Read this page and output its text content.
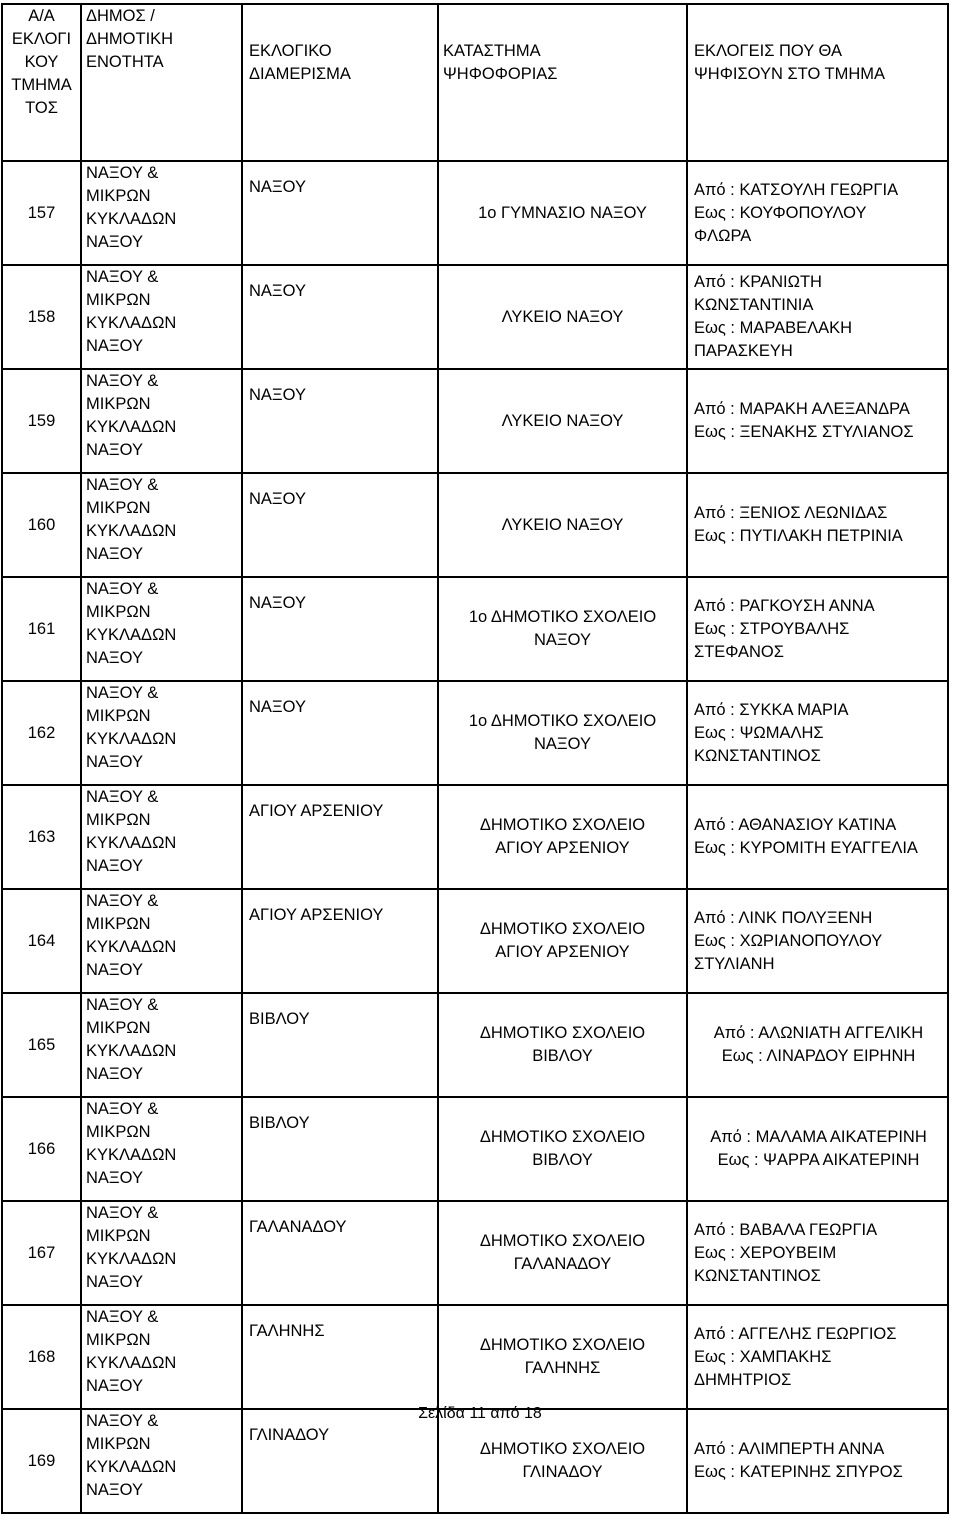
Α/Α
ΕΚΛΟΓΙ
ΚΟΥ
ΤΜΗΜΑ
ΤΟΣ	ΔΗΜΟΣ /
ΔΗΜΟΤΙΚΗ
ΕΝΟΤΗΤΑ	ΕΚΛΟΓΙΚΟ
ΔΙΑΜΕΡΙΣΜΑ	ΚΑΤΑΣΤΗΜΑ
ΨΗΦΟΦΟΡΙΑΣ	ΕΚΛΟΓΕΙΣ ΠΟΥ ΘΑ
ΨΗΦΙΣΟΥΝ ΣΤΟ ΤΜΗΜΑ

157	ΝΑΞΟΥ &
ΜΙΚΡΩΝ
ΚΥΚΛΑΔΩΝ
ΝΑΞΟΥ	ΝΑΞΟΥ	1ο ΓΥΜΝΑΣΙΟ ΝΑΞΟΥ	Από : ΚΑΤΣΟΥΛΗ ΓΕΩΡΓΙΑ
Εως : ΚΟΥΦΟΠΟΥΛΟΥ
ΦΛΩΡΑ

158	ΝΑΞΟΥ &
ΜΙΚΡΩΝ
ΚΥΚΛΑΔΩΝ
ΝΑΞΟΥ	ΝΑΞΟΥ	ΛΥΚΕΙΟ ΝΑΞΟΥ	Από : ΚΡΑΝΙΩΤΗ
ΚΩΝΣΤΑΝΤΙΝΙΑ
Εως : ΜΑΡΑΒΕΛΑΚΗ
ΠΑΡΑΣΚΕΥΗ

159	ΝΑΞΟΥ &
ΜΙΚΡΩΝ
ΚΥΚΛΑΔΩΝ
ΝΑΞΟΥ	ΝΑΞΟΥ	ΛΥΚΕΙΟ ΝΑΞΟΥ	Από : ΜΑΡΑΚΗ ΑΛΕΞΑΝΔΡΑ
Εως : ΞΕΝΑΚΗΣ ΣΤΥΛΙΑΝΟΣ

160	ΝΑΞΟΥ &
ΜΙΚΡΩΝ
ΚΥΚΛΑΔΩΝ
ΝΑΞΟΥ	ΝΑΞΟΥ	ΛΥΚΕΙΟ ΝΑΞΟΥ	Από : ΞΕΝΙΟΣ ΛΕΩΝΙΔΑΣ
Εως : ΠΥΤΙΛΑΚΗ ΠΕΤΡΙΝΙΑ

161	ΝΑΞΟΥ &
ΜΙΚΡΩΝ
ΚΥΚΛΑΔΩΝ
ΝΑΞΟΥ	ΝΑΞΟΥ	1ο ΔΗΜΟΤΙΚΟ ΣΧΟΛΕΙΟ
ΝΑΞΟΥ	Από : ΡΑΓΚΟΥΣΗ ΑΝΝΑ
Εως : ΣΤΡΟΥΒΑΛΗΣ
ΣΤΕΦΑΝΟΣ

162	ΝΑΞΟΥ &
ΜΙΚΡΩΝ
ΚΥΚΛΑΔΩΝ
ΝΑΞΟΥ	ΝΑΞΟΥ	1ο ΔΗΜΟΤΙΚΟ ΣΧΟΛΕΙΟ
ΝΑΞΟΥ	Από : ΣΥΚΚΑ ΜΑΡΙΑ
Εως : ΨΩΜΑΛΗΣ
ΚΩΝΣΤΑΝΤΙΝΟΣ

163	ΝΑΞΟΥ &
ΜΙΚΡΩΝ
ΚΥΚΛΑΔΩΝ
ΝΑΞΟΥ	ΑΓΙΟΥ ΑΡΣΕΝΙΟΥ	ΔΗΜΟΤΙΚΟ ΣΧΟΛΕΙΟ
ΑΓΙΟΥ ΑΡΣΕΝΙΟΥ	Από : ΑΘΑΝΑΣΙΟΥ ΚΑΤΙΝΑ
Εως : ΚΥΡΟΜΙΤΗ ΕΥΑΓΓΕΛΙΑ

164	ΝΑΞΟΥ &
ΜΙΚΡΩΝ
ΚΥΚΛΑΔΩΝ
ΝΑΞΟΥ	ΑΓΙΟΥ ΑΡΣΕΝΙΟΥ	ΔΗΜΟΤΙΚΟ ΣΧΟΛΕΙΟ
ΑΓΙΟΥ ΑΡΣΕΝΙΟΥ	Από : ΛΙΝΚ ΠΟΛΥΞΕΝΗ
Εως : ΧΩΡΙΑΝΟΠΟΥΛΟΥ
ΣΤΥΛΙΑΝΗ

165	ΝΑΞΟΥ &
ΜΙΚΡΩΝ
ΚΥΚΛΑΔΩΝ
ΝΑΞΟΥ	ΒΙΒΛΟΥ	ΔΗΜΟΤΙΚΟ ΣΧΟΛΕΙΟ
ΒΙΒΛΟΥ	Από : ΑΛΩΝΙΑΤΗ ΑΓΓΕΛΙΚΗ
Εως : ΛΙΝΑΡΔΟΥ ΕΙΡΗΝΗ

166	ΝΑΞΟΥ &
ΜΙΚΡΩΝ
ΚΥΚΛΑΔΩΝ
ΝΑΞΟΥ	ΒΙΒΛΟΥ	ΔΗΜΟΤΙΚΟ ΣΧΟΛΕΙΟ
ΒΙΒΛΟΥ	Από : ΜΑΛΑΜΑ ΑΙΚΑΤΕΡΙΝΗ
Εως : ΨΑΡΡΑ ΑΙΚΑΤΕΡΙΝΗ

167	ΝΑΞΟΥ &
ΜΙΚΡΩΝ
ΚΥΚΛΑΔΩΝ
ΝΑΞΟΥ	ΓΑΛΑΝΑΔΟΥ	ΔΗΜΟΤΙΚΟ ΣΧΟΛΕΙΟ
ΓΑΛΑΝΑΔΟΥ	Από : ΒΑΒΑΛΑ ΓΕΩΡΓΙΑ
Εως : ΧΕΡΟΥΒΕΙΜ
ΚΩΝΣΤΑΝΤΙΝΟΣ

168	ΝΑΞΟΥ &
ΜΙΚΡΩΝ
ΚΥΚΛΑΔΩΝ
ΝΑΞΟΥ	ΓΑΛΗΝΗΣ	ΔΗΜΟΤΙΚΟ ΣΧΟΛΕΙΟ
ΓΑΛΗΝΗΣ	Από : ΑΓΓΕΛΗΣ ΓΕΩΡΓΙΟΣ
Εως : ΧΑΜΠΑΚΗΣ
ΔΗΜΗΤΡΙΟΣ

169	ΝΑΞΟΥ &
ΜΙΚΡΩΝ
ΚΥΚΛΑΔΩΝ
ΝΑΞΟΥ	ΓΛΙΝΑΔΟΥ	ΔΗΜΟΤΙΚΟ ΣΧΟΛΕΙΟ
ΓΛΙΝΑΔΟΥ	Από : ΑΛΙΜΠΕΡΤΗ ΑΝΝΑ
Εως : ΚΑΤΕΡΙΝΗΣ ΣΠΥΡΟΣ
Σελίδα 11 από 18
